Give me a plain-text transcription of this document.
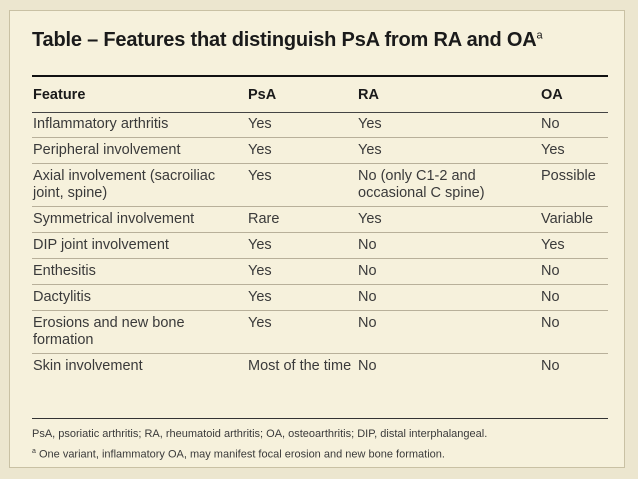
Table – Features that distinguish PsA from RA and $OA^a$
Feature	PsA	RA	OA
Inflammatory arthritis	Yes	Yes	No
Peripheral involvement	Yes	Yes	Yes
Axial involvement (sacroiliac joint, spine)	Yes	No (only C1-2 and occasional C spine)	Possible
Symmetrical involvement	Rare	Yes	Variable
DIP joint involvement	Yes	No	Yes
Enthesitis	Yes	No	No
Dactylitis	Yes	No	No
Erosions and new bone formation	Yes	No	No
Skin involvement	Most of the time	No	No
PsA, psoriatic arthritis; RA, rheumatoid arthritis; OA, osteoarthritis; DIP, distal interphalangeal.
$^a$ One variant, inflammatory OA, may manifest focal erosion and new bone formation.
